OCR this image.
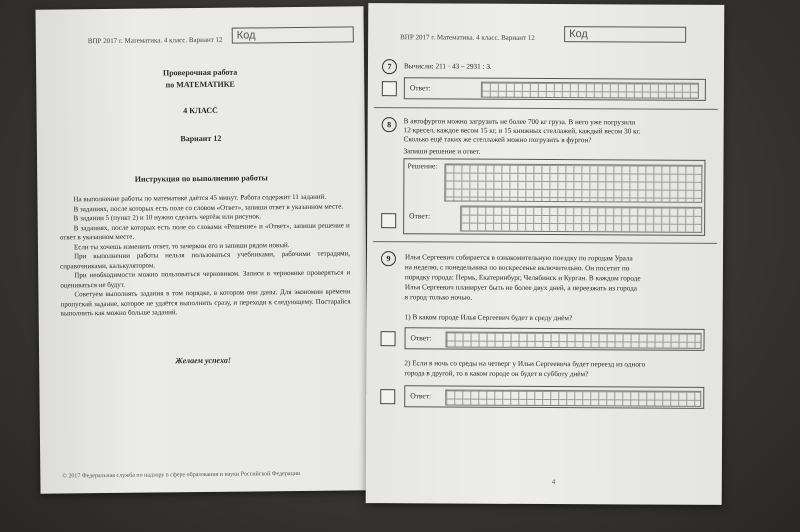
ВПР 2017 г. Математика. 4 класс. Вариант 12	Код
Проверочная работа
по МАТЕМАТИКЕ
4 КЛАСС
Вариант 12
Инструкция по выполнению работы

На выполнение работы по математике даётся 45 минут. Работа содержит 11 заданий.

В заданиях, после которых есть поле со словом «Ответ», запиши ответ в указанном месте.

В задании 5 (пункт 2) и 10 нужно сделать чертёж или рисунок.

В заданиях, после которых есть поле со словами «Решение» и «Ответ», запиши решение и ответ в указанном месте.

Если ты хочешь изменить ответ, то зачеркни его и запиши рядом новый.

При выполнении работы нельзя пользоваться учебниками, рабочими тетрадями, справочниками, калькулятором.

При необходимости можно пользоваться черновиком. Записи в черновике проверяться и оцениваться не будут.

Советуем выполнять задания в том порядке, в котором они даны. Для экономии времени пропускай задание, которое не удаётся выполнить сразу, и переходи к следующему. Постарайся выполнить как можно больше заданий.

Желаем успеха!
© 2017 Федеральная служба по надзору в сфере образования и науки Российской Федерации
ВПР 2017 г. Математика. 4 класс. Вариант 12	Код
7	Вычисли: 211 · 43 – 2931 : 3.
Ответ:
8	В автофургон можно загрузить не более 700 кг груза. В него уже погрузили
12 кресел, каждое весом 15 кг, и 15 книжных стеллажей, каждый весом 30 кг.
Сколько ещё таких же стеллажей можно погрузить в фургон?
Запиши решение и ответ.
Решение:
Ответ:
9	Илья Сергеевич собирается в ознакомительную поездку по городам Урала
на неделю, с понедельника по воскресенье включительно. Он посетит по
порядку города: Пермь, Екатеринбург, Челябинск и Курган. В каждом городе
Илья Сергеевич планирует быть не более двух дней, а переезжать из города
в город только ночью.
1) В каком городе Илья Сергеевич будет в среду днём?
Ответ:
2) Если в ночь со среды на четверг у Ильи Сергеевича будет переезд из одного
города в другой, то в каком городе он будет в субботу днём?
Ответ:
4
